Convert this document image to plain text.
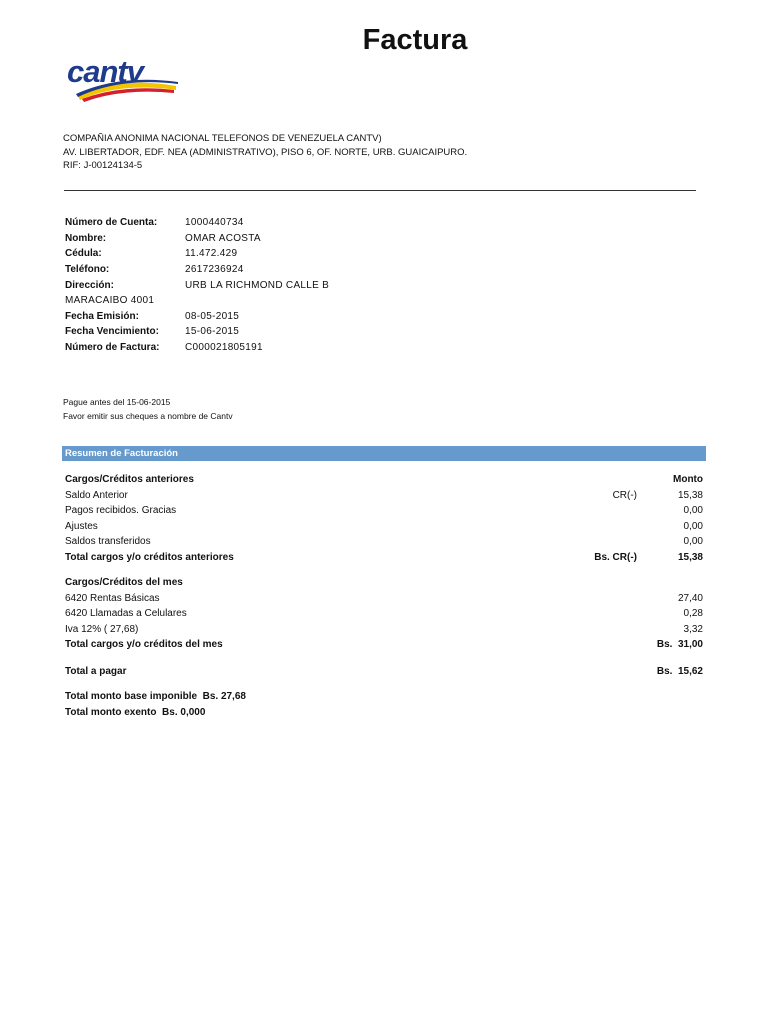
Factura
cantv
COMPAÑIA ANONIMA NACIONAL TELEFONOS DE VENEZUELA CANTV)
AV. LIBERTADOR, EDF. NEA (ADMINISTRATIVO), PISO 6, OF. NORTE, URB. GUAICAIPURO.
RIF: J-00124134-5
Número de Cuenta:	1000440734
Nombre:	OMAR ACOSTA
Cédula:	11.472.429
Teléfono:	2617236924
Dirección:	URB LA RICHMOND CALLE B
MARACAIBO 4001
Fecha Emisión:	08-05-2015
Fecha Vencimiento:	15-06-2015
Número de Factura:	C000021805191
Pague antes del 15-06-2015
Favor emitir sus cheques a nombre de Cantv
Resumen de Facturación
Cargos/Créditos anteriores	Monto
Saldo Anterior	CR(-)	15,38
Pagos recibidos. Gracias	0,00
Ajustes	0,00
Saldos transferidos	0,00
Total cargos y/o créditos anteriores	Bs. CR(-)	15,38
Cargos/Créditos del mes
6420 Rentas Básicas	27,40
6420 Llamadas a Celulares	0,28
Iva 12% ( 27,68)	3,32
Total cargos y/o créditos del mes	Bs.  31,00
Total a pagar	Bs.  15,62
Total monto base imponible  Bs. 27,68
Total monto exento  Bs. 0,000
